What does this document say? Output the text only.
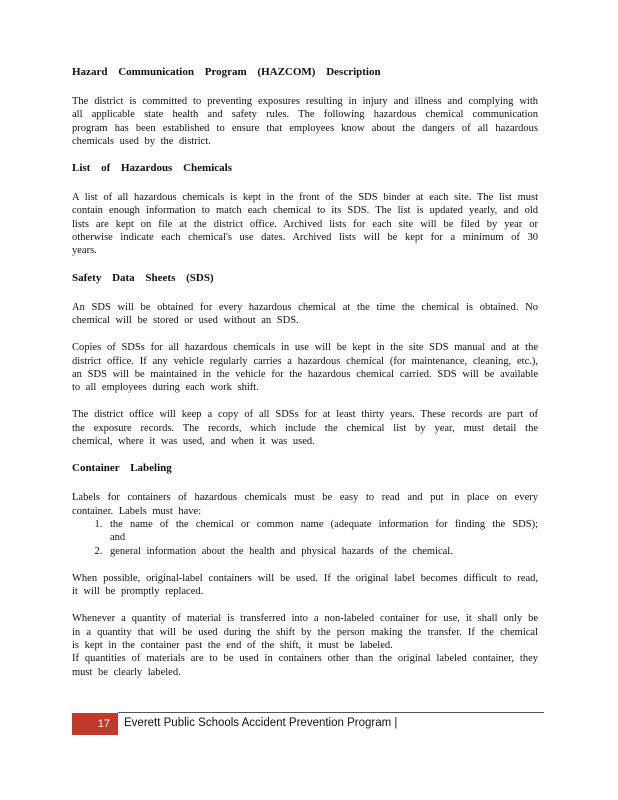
Hazard Communication Program (HAZCOM) Description

The district is committed to preventing exposures resulting in injury and illness and complying with all applicable state health and safety rules. The following hazardous chemical communication program has been established to ensure that employees know about the dangers of all hazardous chemicals used by the district.

List of Hazardous Chemicals

A list of all hazardous chemicals is kept in the front of the SDS binder at each site. The list must contain enough information to match each chemical to its SDS. The list is updated yearly, and old lists are kept on file at the district office. Archived lists for each site will be filed by year or otherwise indicate each chemical's use dates. Archived lists will be kept for a minimum of 30 years.

Safety Data Sheets (SDS)

An SDS will be obtained for every hazardous chemical at the time the chemical is obtained. No chemical will be stored or used without an SDS.

Copies of SDSs for all hazardous chemicals in use will be kept in the site SDS manual and at the district office. If any vehicle regularly carries a hazardous chemical (for maintenance, cleaning, etc.), an SDS will be maintained in the vehicle for the hazardous chemical carried. SDS will be available to all employees during each work shift.

The district office will keep a copy of all SDSs for at least thirty years. These records are part of the exposure records. The records, which include the chemical list by year, must detail the chemical, where it was used, and when it was used.

Container Labeling

Labels for containers of hazardous chemicals must be easy to read and put in place on every container. Labels must have:

1. the name of the chemical or common name (adequate information for finding the SDS); and
2. general information about the health and physical hazards of the chemical.

When possible, original-label containers will be used. If the original label becomes difficult to read, it will be promptly replaced.

Whenever a quantity of material is transferred into a non-labeled container for use, it shall only be in a quantity that will be used during the shift by the person making the transfer. If the chemical is kept in the container past the end of the shift, it must be labeled.

If quantities of materials are to be used in containers other than the original labeled container, they must be clearly labeled.

17	Everett Public Schools Accident Prevention Program |
